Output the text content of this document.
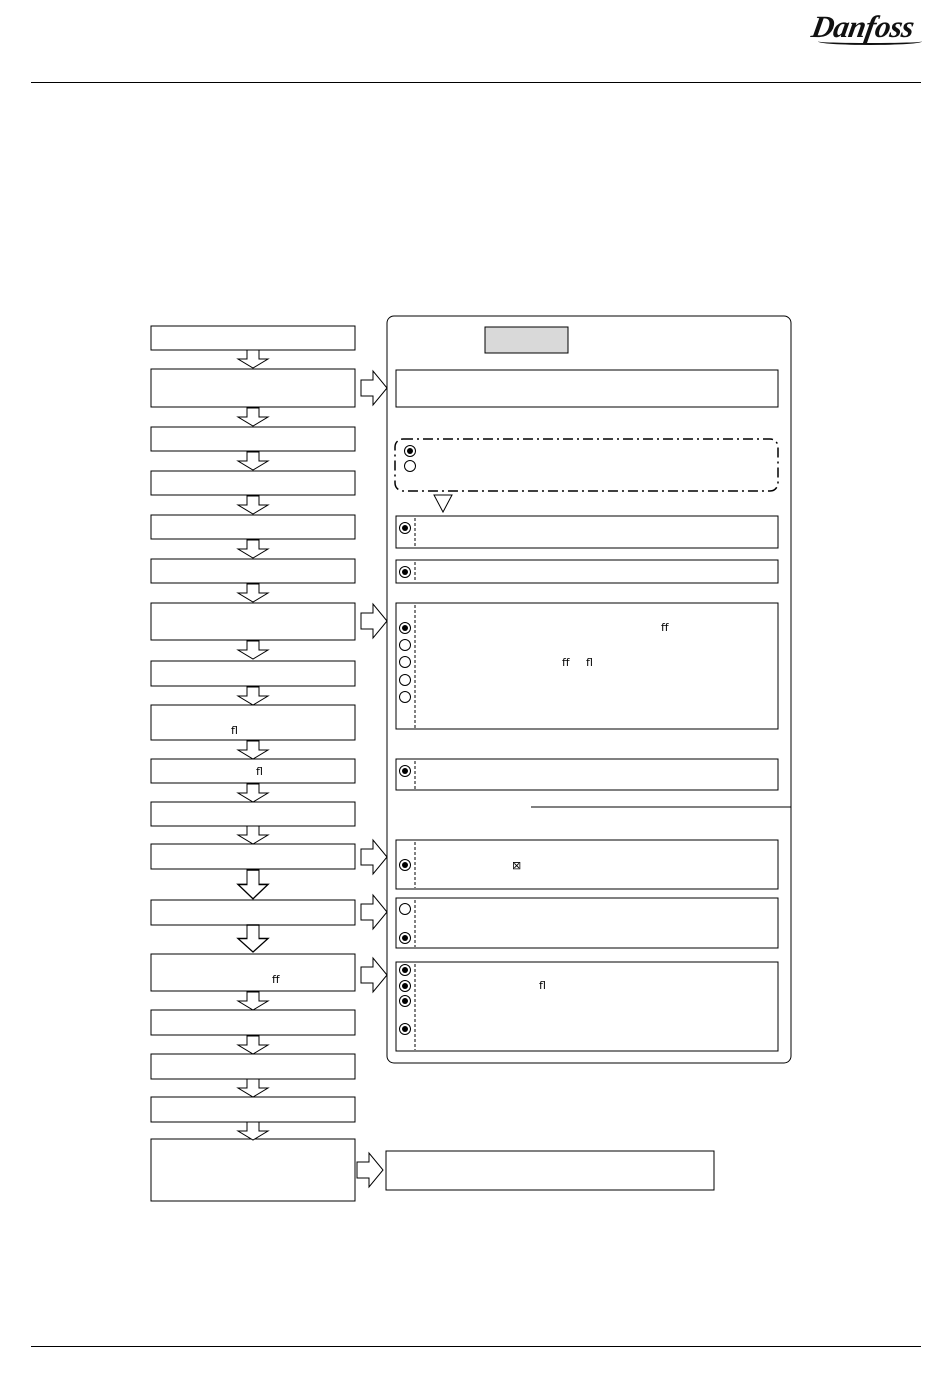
Danfoss
ﬂ
ﬂ
ﬀ
ﬀ
ﬀ ﬂ
⊠
ﬂ
